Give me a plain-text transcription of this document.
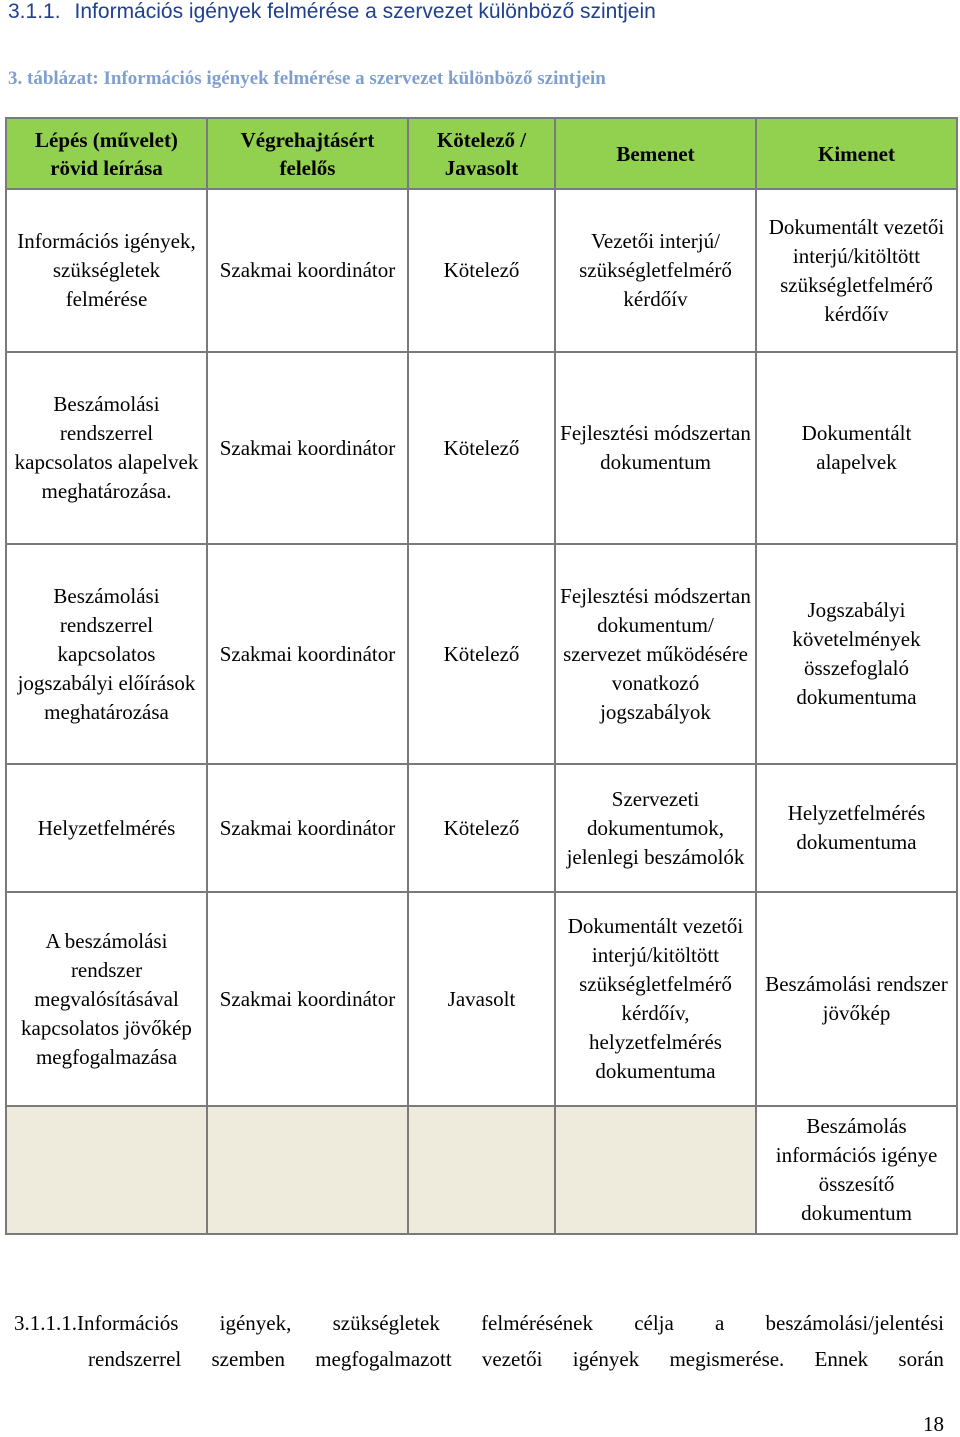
3.1.1. Információs igények felmérése a szervezet különböző szintjein
3. táblázat: Információs igények felmérése a szervezet különböző szintjein
Lépés (művelet) rövid leírása	Végrehajtásért felelős	Kötelező / Javasolt	Bemenet	Kimenet
Információs igények, szükségletek felmérése	Szakmai koordinátor	Kötelező	Vezetői interjú/ szükségletfelmérő kérdőív	Dokumentált vezetői interjú/kitöltött szükségletfelmérő kérdőív
Beszámolási rendszerrel kapcsolatos alapelvek meghatározása.	Szakmai koordinátor	Kötelező	Fejlesztési módszertan dokumentum	Dokumentált alapelvek
Beszámolási rendszerrel kapcsolatos jogszabályi előírások meghatározása	Szakmai koordinátor	Kötelező	Fejlesztési módszertan dokumentum/ szervezet működésére vonatkozó jogszabályok	Jogszabályi követelmények összefoglaló dokumentuma
Helyzetfelmérés	Szakmai koordinátor	Kötelező	Szervezeti dokumentumok, jelenlegi beszámolók	Helyzetfelmérés dokumentuma
A beszámolási rendszer megvalósításával kapcsolatos jövőkép megfogalmazása	Szakmai koordinátor	Javasolt	Dokumentált vezetői interjú/kitöltött szükségletfelmérő kérdőív, helyzetfelmérés dokumentuma	Beszámolási rendszer jövőkép
				Beszámolás információs igénye összesítő dokumentum
3.1.1.1.Információs igények, szükségletek felmérésének célja a beszámolási/jelentési
rendszerrel szemben megfogalmazott vezetői igények megismerése. Ennek során
18
